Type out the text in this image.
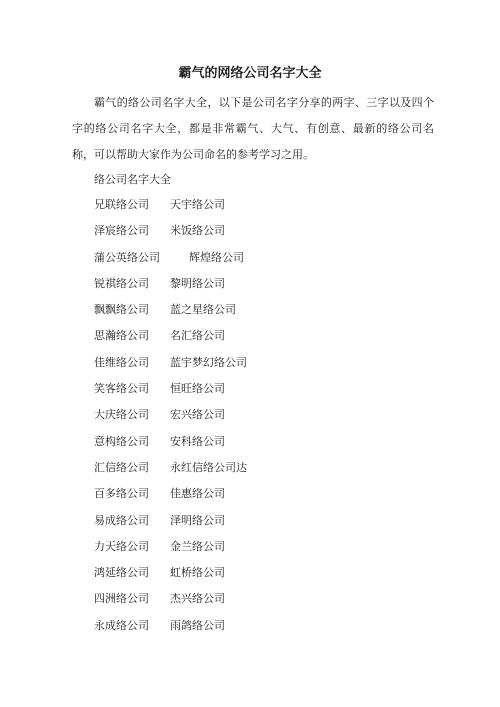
霸气的网络公司名字大全

霸气的络公司名字大全，以下是公司名字分享的两字、三字以及四个字的络公司名字大全，都是非常霸气、大气、有创意、最新的络公司名称，可以帮助大家作为公司命名的参考学习之用。

络公司名字大全
兄联络公司 天宇络公司
泽宸络公司 米饭络公司
蒲公英络公司	辉煌络公司
锐祺络公司 黎明络公司
飘飘络公司 蓝之星络公司
思瀚络公司 名汇络公司
佳维络公司 蓝宇梦幻络公司
笑客络公司 恒旺络公司
大庆络公司 宏兴络公司
意构络公司 安科络公司
汇信络公司 永红信络公司达
百多络公司 佳惠络公司
易成络公司 泽明络公司
力天络公司 金兰络公司
鸿延络公司 虹桥络公司
四洲络公司 杰兴络公司
永成络公司 雨鸽络公司
